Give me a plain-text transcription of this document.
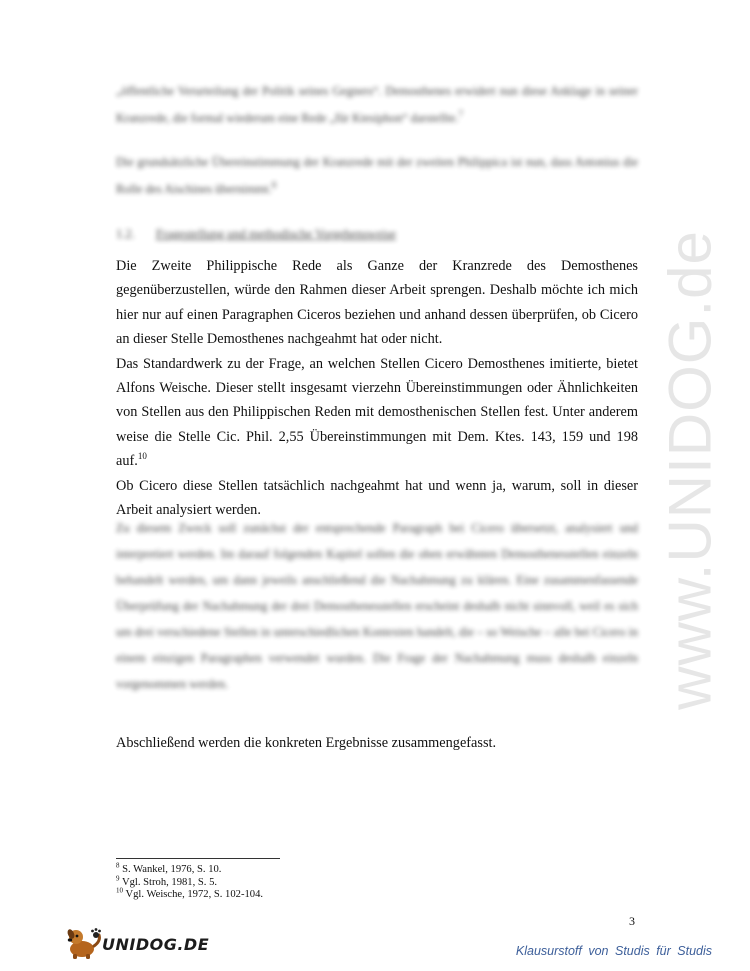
www.UNIDOG.de
„öffentliche Verurteilung der Politik seines Gegners“. Demosthenes erwidert nun diese Anklage in seiner Kranzrede, die formal wiederum eine Rede „für Ktesiphon“ darstellte.$^7$
Die grundsätzliche Übereinstimmung der Kranzrede mit der zweiten Philippica ist nun, dass Antonius die Rolle des Aischines übernimmt.$^8$
1.2. Fragestellung und methodische Vorgehensweise
Die Zweite Philippische Rede als Ganze der Kranzrede des Demosthenes gegenüberzustellen, würde den Rahmen dieser Arbeit sprengen. Deshalb möchte ich mich hier nur auf einen Paragraphen Ciceros beziehen und anhand dessen überprüfen, ob Cicero an dieser Stelle Demosthenes nachgeahmt hat oder nicht.
Das Standardwerk zu der Frage, an welchen Stellen Cicero Demosthenes imitierte, bietet Alfons Weische. Dieser stellt insgesamt vierzehn Übereinstimmungen oder Ähnlichkeiten von Stellen aus den Philippischen Reden mit demosthenischen Stellen fest. Unter anderem weise die Stelle Cic. Phil. 2,55 Übereinstimmungen mit Dem. Ktes. 143, 159 und 198 auf.$^{10}$
Ob Cicero diese Stellen tatsächlich nachgeahmt hat und wenn ja, warum, soll in dieser Arbeit analysiert werden.
Zu diesem Zweck soll zunächst der entsprechende Paragraph bei Cicero übersetzt, analysiert und interpretiert werden. Im darauf folgenden Kapitel sollen die oben erwähnten Demosthenesstellen einzeln behandelt werden, um dann jeweils anschließend die Nachahmung zu klären. Eine zusammenfassende Überprüfung der Nachahmung der drei Demosthenesstellen erscheint deshalb nicht sinnvoll, weil es sich um drei verschiedene Stellen in unterschiedlichen Kontexten handelt, die – so Weische – alle bei Cicero in einem einzigen Paragraphen verwendet wurden. Die Frage der Nachahmung muss deshalb einzeln vorgenommen werden.
Abschließend werden die konkreten Ergebnisse zusammengefasst.
$^8$ S. Wankel, 1976, S. 10.
$^9$ Vgl. Stroh, 1981, S. 5.
$^{10}$ Vgl. Weische, 1972, S. 102-104.
3
UNIDOG.DE	Klausurstoff von Studis für Studis
